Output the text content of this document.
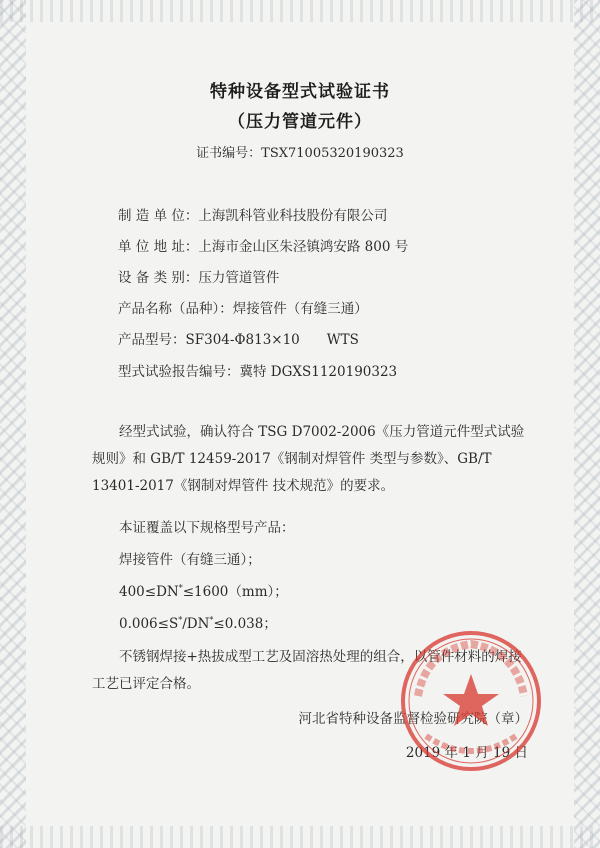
特种设备型式试验证书
（压力管道元件）
证书编号：TSX71005320190323
制 造 单 位：上海凯科管业科技股份有限公司
单 位 地 址：上海市金山区朱泾镇鸿安路 800 号
设 备 类 别：压力管道管件
产品名称（品种）：焊接管件（有缝三通）
产品型号：SF304-Φ813×10　　WTS
型式试验报告编号：冀特 DGXS1120190323
经型式试验，确认符合 TSG D7002-2006《压力管道元件型式试验规则》和 GB/T 12459-2017《钢制对焊管件 类型与参数》、GB/T 13401-2017《钢制对焊管件 技术规范》的要求。
本证覆盖以下规格型号产品：
焊接管件（有缝三通）；
400≤DN*≤1600（mm）；
0.006≤S*/DN*≤0.038；
不锈钢焊接+热拔成型工艺及固溶热处理的组合，以管件材料的焊接工艺已评定合格。
河北省特种设备监督检验研究院（章）
2019 年 1 月 19 日
